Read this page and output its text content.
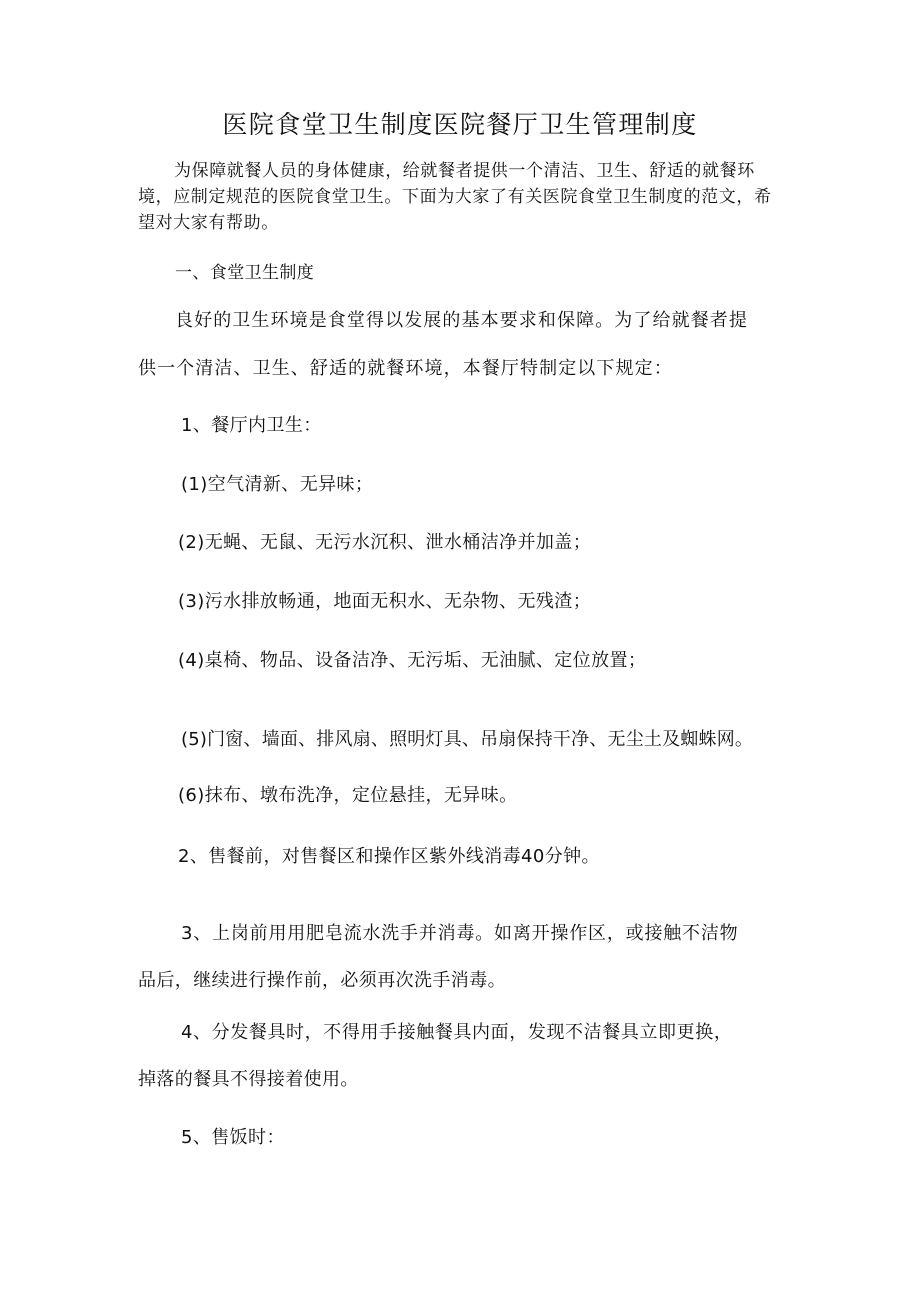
医院食堂卫生制度医院餐厅卫生管理制度

为保障就餐人员的身体健康，给就餐者提供一个清洁、卫生、舒适的就餐环境，应制定规范的医院食堂卫生。下面为大家了有关医院食堂卫生制度的范文，希望对大家有帮助。

一、食堂卫生制度
良好的卫生环境是食堂得以发展的基本要求和保障。为了给就餐者提
供一个清洁、卫生、舒适的就餐环境，本餐厅特制定以下规定：
1、餐厅内卫生：
(1)空气清新、无异味；
(2)无蝇、无鼠、无污水沉积、泄水桶洁净并加盖；
(3)污水排放畅通，地面无积水、无杂物、无残渣；
(4)桌椅、物品、设备洁净、无污垢、无油腻、定位放置；
(5)门窗、墙面、排风扇、照明灯具、吊扇保持干净、无尘土及蜘蛛网。
(6)抹布、墩布洗净，定位悬挂，无异味。
2、售餐前，对售餐区和操作区紫外线消毒40分钟。
3、上岗前用用肥皂流水洗手并消毒。如离开操作区，或接触不洁物
品后，继续进行操作前，必须再次洗手消毒。
4、分发餐具时，不得用手接触餐具内面，发现不洁餐具立即更换，
掉落的餐具不得接着使用。
5、售饭时：
